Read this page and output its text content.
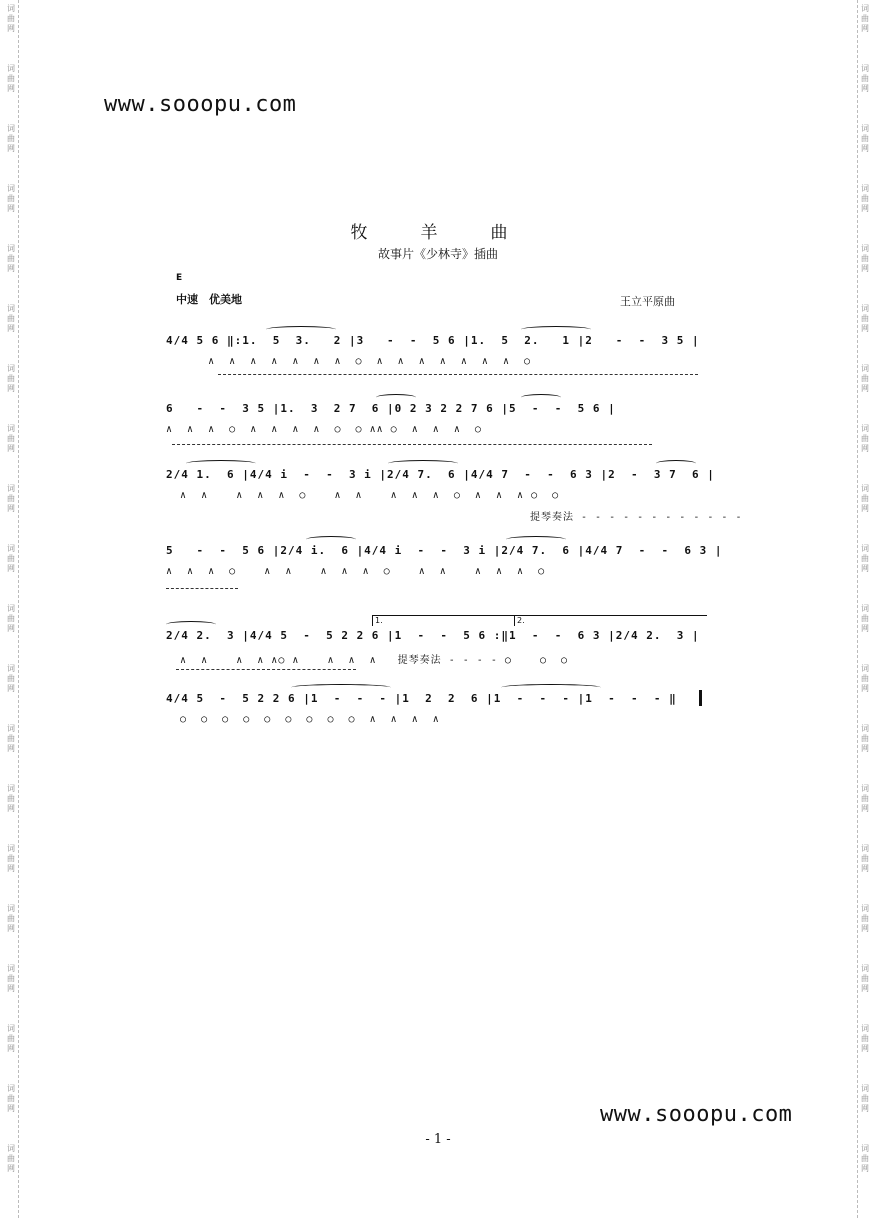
词
曲
网
词
曲
网
词
曲
网
词
曲
网
词
曲
网
词
曲
网
词
曲
网
词
曲
网
词
曲
网
词
曲
网
词
曲
网
词
曲
网
词
曲
网
词
曲
网
词
曲
网
词
曲
网
词
曲
网
词
曲
网
词
曲
网
词
曲
网
词
曲
网
词
曲
网
词
曲
网
词
曲
网
词
曲
网
词
曲
网
词
曲
网
词
曲
网
词
曲
网
词
曲
网
词
曲
网
词
曲
网
词
曲
网
词
曲
网
词
曲
网
词
曲
网
词
曲
网
词
曲
网
词
曲
网
词
曲
网
www.sooopu.com
牧　羊　曲
故事片《少林寺》插曲
E
中速　优美地	王立平原曲
4/4 5 6 ‖:1.  5  3.   2 |3   -  -  5 6 |1.  5  2.   1 |2   -  -  3 5 |
∧  ∧  ∧  ∧  ∧  ∧  ∧  ○  ∧  ∧  ∧  ∧  ∧  ∧  ∧  ○
6   -  -  3 5 |1.  3  2 7  6 |0 2 3 2 2 7 6 |5  -  -  5 6 |
∧  ∧  ∧  ○  ∧  ∧  ∧  ∧  ○  ○ ∧∧ ○  ∧  ∧  ∧  ○
2/4 1.  6 |4/4 i  -  -  3 i |2/4 7.  6 |4/4 7  -  -  6 3 |2  -  3 7  6 |
∧  ∧    ∧  ∧  ∧  ○    ∧  ∧    ∧  ∧  ∧  ○  ∧  ∧  ∧ ○  ○
提琴奏法 - - - - - - - - - - - -
5   -  -  5 6 |2/4 i.  6 |4/4 i  -  -  3 i |2/4 7.  6 |4/4 7  -  -  6 3 |
∧  ∧  ∧  ○    ∧  ∧    ∧  ∧  ∧  ○    ∧  ∧    ∧  ∧  ∧  ○
2/4 2.  3 |4/4 5  -  5 2 2 6 |1  -  -  5 6 :‖1  -  -  6 3 |2/4 2.  3 |
∧  ∧    ∧  ∧ ∧○ ∧    ∧  ∧  ∧   提琴奏法 - - - - ○    ○  ○
1.	2.
4/4 5  -  5 2 2 6 |1  -  -  - |1  2  2  6 |1  -  -  - |1  -  -  - ‖
○  ○  ○  ○  ○  ○  ○  ○  ○  ∧  ∧  ∧  ∧
www.sooopu.com
- 1 -
